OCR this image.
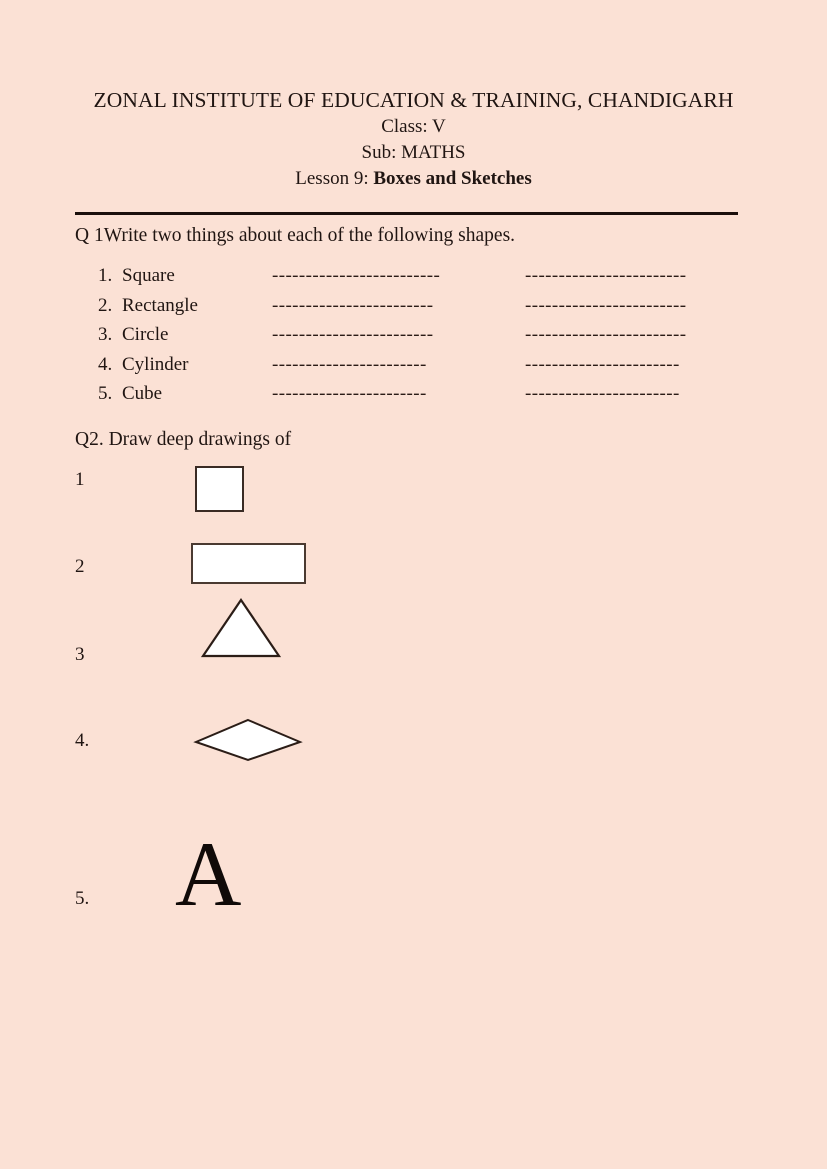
ZONAL INSTITUTE OF EDUCATION & TRAINING, CHANDIGARH
Class: V
Sub: MATHS
Lesson 9: Boxes and Sketches
Q 1Write two things about each of the following shapes.
1. Square	-------------------------	------------------------
2. Rectangle	------------------------	------------------------
3. Circle	------------------------	------------------------
4. Cylinder	-----------------------	-----------------------
5. Cube	-----------------------	-----------------------
Q2. Draw deep drawings of
1
2
3
4.
5. A
